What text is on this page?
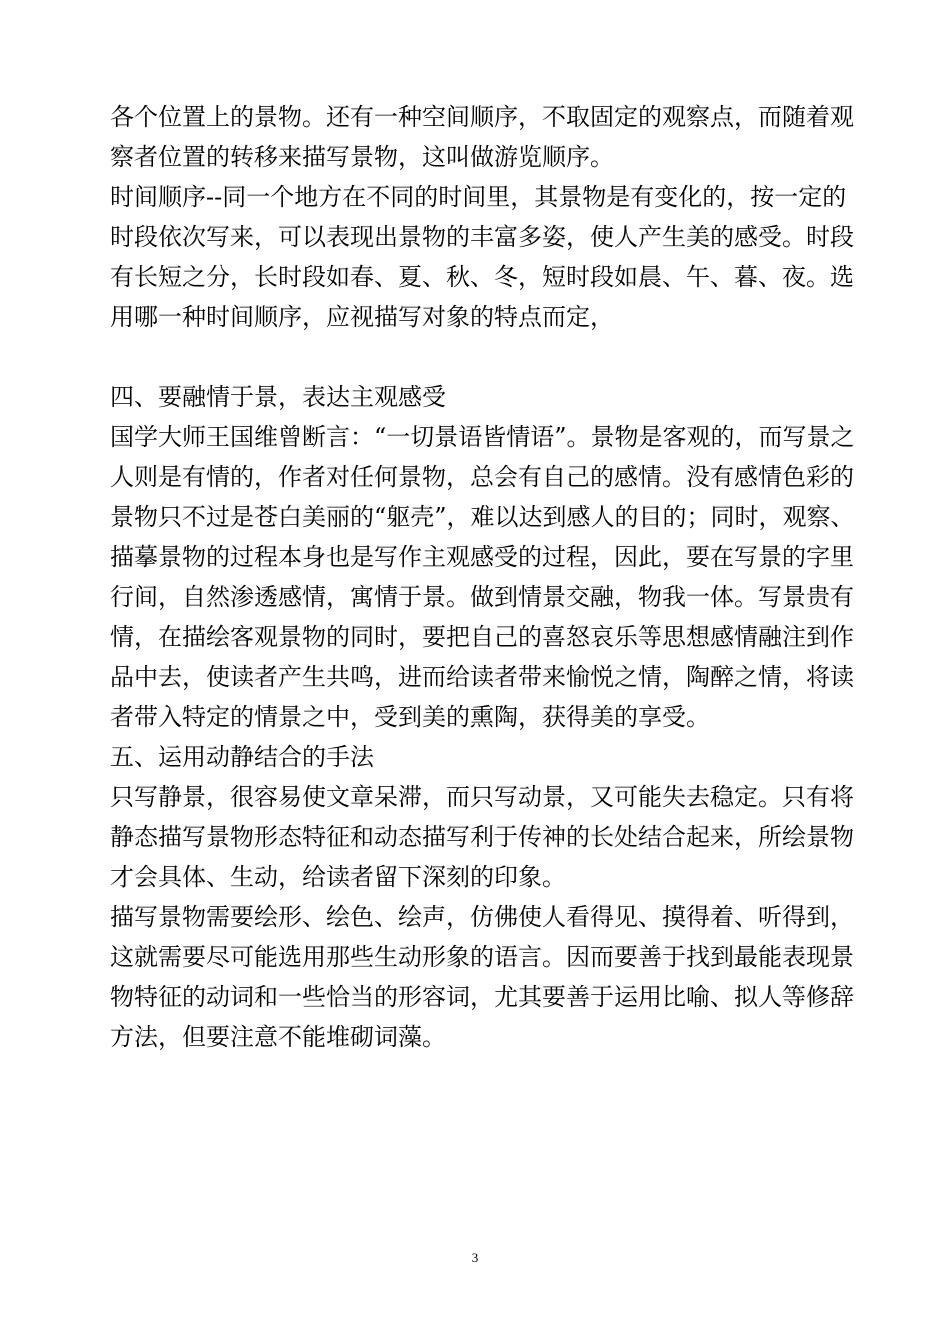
各个位置上的景物。还有一种空间顺序，不取固定的观察点，而随着观
察者位置的转移来描写景物，这叫做游览顺序。
时间顺序--同一个地方在不同的时间里，其景物是有变化的，按一定的
时段依次写来，可以表现出景物的丰富多姿，使人产生美的感受。时段
有长短之分，长时段如春、夏、秋、冬，短时段如晨、午、暮、夜。选
用哪一种时间顺序，应视描写对象的特点而定，
四、要融情于景，表达主观感受
国学大师王国维曾断言：“一切景语皆情语”。景物是客观的，而写景之
人则是有情的，作者对任何景物，总会有自己的感情。没有感情色彩的
景物只不过是苍白美丽的“躯壳”，难以达到感人的目的；同时，观察、
描摹景物的过程本身也是写作主观感受的过程，因此，要在写景的字里
行间，自然渗透感情，寓情于景。做到情景交融，物我一体。写景贵有
情，在描绘客观景物的同时，要把自己的喜怒哀乐等思想感情融注到作
品中去，使读者产生共鸣，进而给读者带来愉悦之情，陶醉之情，将读
者带入特定的情景之中，受到美的熏陶，获得美的享受。
五、运用动静结合的手法
只写静景，很容易使文章呆滞，而只写动景，又可能失去稳定。只有将
静态描写景物形态特征和动态描写利于传神的长处结合起来，所绘景物
才会具体、生动，给读者留下深刻的印象。
描写景物需要绘形、绘色、绘声，仿佛使人看得见、摸得着、听得到，
这就需要尽可能选用那些生动形象的语言。因而要善于找到最能表现景
物特征的动词和一些恰当的形容词，尤其要善于运用比喻、拟人等修辞
方法，但要注意不能堆砌词藻。
3
